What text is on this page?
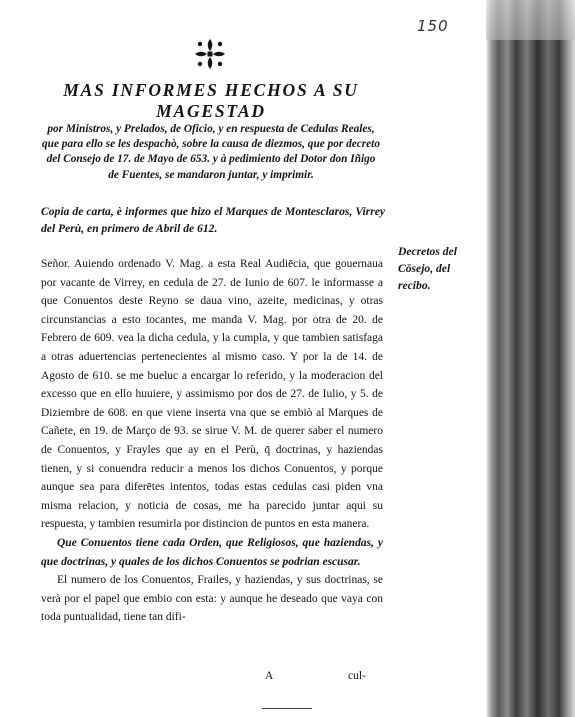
150
MAS INFORMES HECHOS A SU MAGESTAD
por Ministros, y Prelados, de Oficio, y en respuesta de Cedulas Reales, que para ello se les despachò, sobre la causa de diezmos, que por decreto del Consejo de 17. de Mayo de 653. y à pedimiento del Dotor don Iñigo de Fuentes, se mandaron juntar, y imprimir.
Copia de carta, è informes que hizo el Marques de Montesclaros, Virrey del Perù, en primero de Abril de 612.

Señor. Auiendo ordenado V. Mag. a esta Real Audiēcia, que gouernaua por vacante de Virrey, en cedula de 27. de Iunio de 607. le informasse a que Conuentos deste Reyno se daua vino, azeite, medicinas, y otras circunstancias a esto tocantes, me manda V. Mag. por otra de 20. de Febrero de 609. vea la dicha cedula, y la cumpla, y que tambien satisfaga a otras aduertencias pertenecientes al mismo caso. Y por la de 14. de Agosto de 610. se me bueluc a encargar lo referido, y la moderacion del excesso que en ello huuiere, y assimismo por dos de 27. de Iulio, y 5. de Diziembre de 608. en que viene inserta vna que se embiò al Marques de Cañete, en 19. de Março de 93. se sirue V. M. de querer saber el numero de Conuentos, y Frayles que ay en el Perù, q̄ doctrinas, y haziendas tienen, y si conuendra reducir a menos los dichos Conuentos, y porque aunque sea para diferētes intentos, todas estas cedulas casi piden vna misma relacion, y noticia de cosas, me ha parecido juntar aqui su respuesta, y tambien resumirla por distincion de puntos en esta manera.

Que Conuentos tiene cada Orden, que Religiosos, que haziendas, y que doctrinas, y quales de los dichos Conuentos se podrian escusar.

El numero de los Conuentos, Frailes, y haziendas, y sus doctrinas, se verà por el papel que embio con esta: y aunque he deseado que vaya con toda puntualidad, tiene tan difi-

A	cul-
Decretos del Cōsejo, del recibo.
